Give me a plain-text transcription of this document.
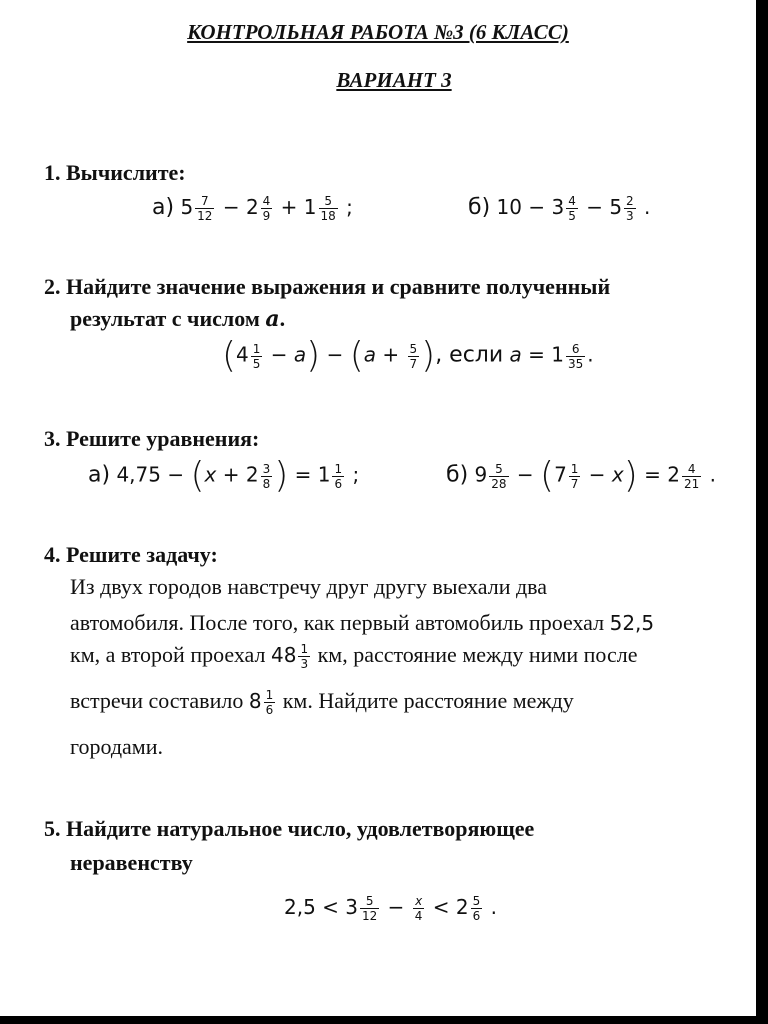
КОНТРОЛЬНАЯ РАБОТА №3 (6 КЛАСС)
ВАРИАНТ 3
1. Вычислите:
а) $5 \frac{7}{12} - 2 \frac{4}{9} + 1 \frac{5}{18}$ ;	б) $10 - 3 \frac{4}{5} - 5 \frac{2}{3}$ .
2. Найдите значение выражения и сравните полученный
результат с числом a.
$(4 \frac{1}{5} - a) - (a + \frac{5}{7}$ ), если $a = 1 \frac{6}{35}$ .
3. Решите уравнения:
а) $4,75 - (x + 2 \frac{3}{8}$ ) = $1 \frac{1}{6}$ ;	б) $9 \frac{5}{28} - (7 \frac{1}{7} - x) = 2 \frac{4}{21}$ .
4. Решите задачу:
Из двух городов навстречу друг другу выехали два
автомобиля. После того, как первый автомобиль проехал 52,5
км, а второй проехал $48 \frac{1}{3}$ км, расстояние между ними после
встречи составило $8 \frac{1}{6}$ км. Найдите расстояние между
городами.
5. Найдите натуральное число, удовлетворяющее
неравенству
$2,5 < 3 \frac{5}{12} - \frac{x}{4} < 2 \frac{5}{6}$ .
